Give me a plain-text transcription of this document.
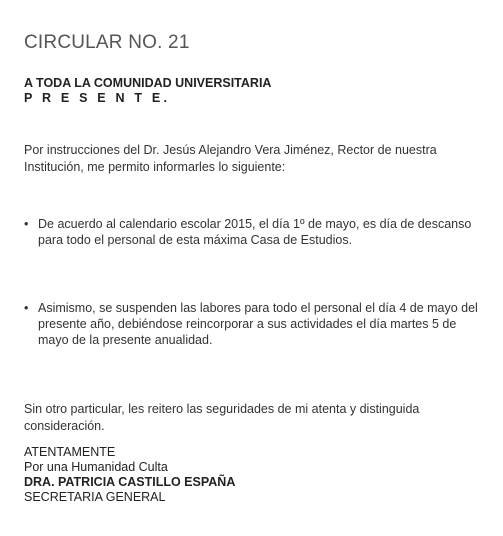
CIRCULAR NO. 21
A TODA LA COMUNIDAD UNIVERSITARIA
P R E S E N T E.
Por instrucciones del Dr. Jesús Alejandro Vera Jiménez, Rector de nuestra Institución, me permito informarles lo siguiente:
• De acuerdo al calendario escolar 2015, el día 1º de mayo, es día de descanso para todo el personal de esta máxima Casa de Estudios.
• Asimismo, se suspenden las labores para todo el personal el día 4 de mayo del presente año, debiéndose reincorporar a sus actividades el día martes 5 de mayo de la presente anualidad.
Sin otro particular, les reitero las seguridades de mi atenta y distinguida consideración.
ATENTAMENTE
Por una Humanidad Culta
DRA. PATRICIA CASTILLO ESPAÑA
SECRETARIA GENERAL
